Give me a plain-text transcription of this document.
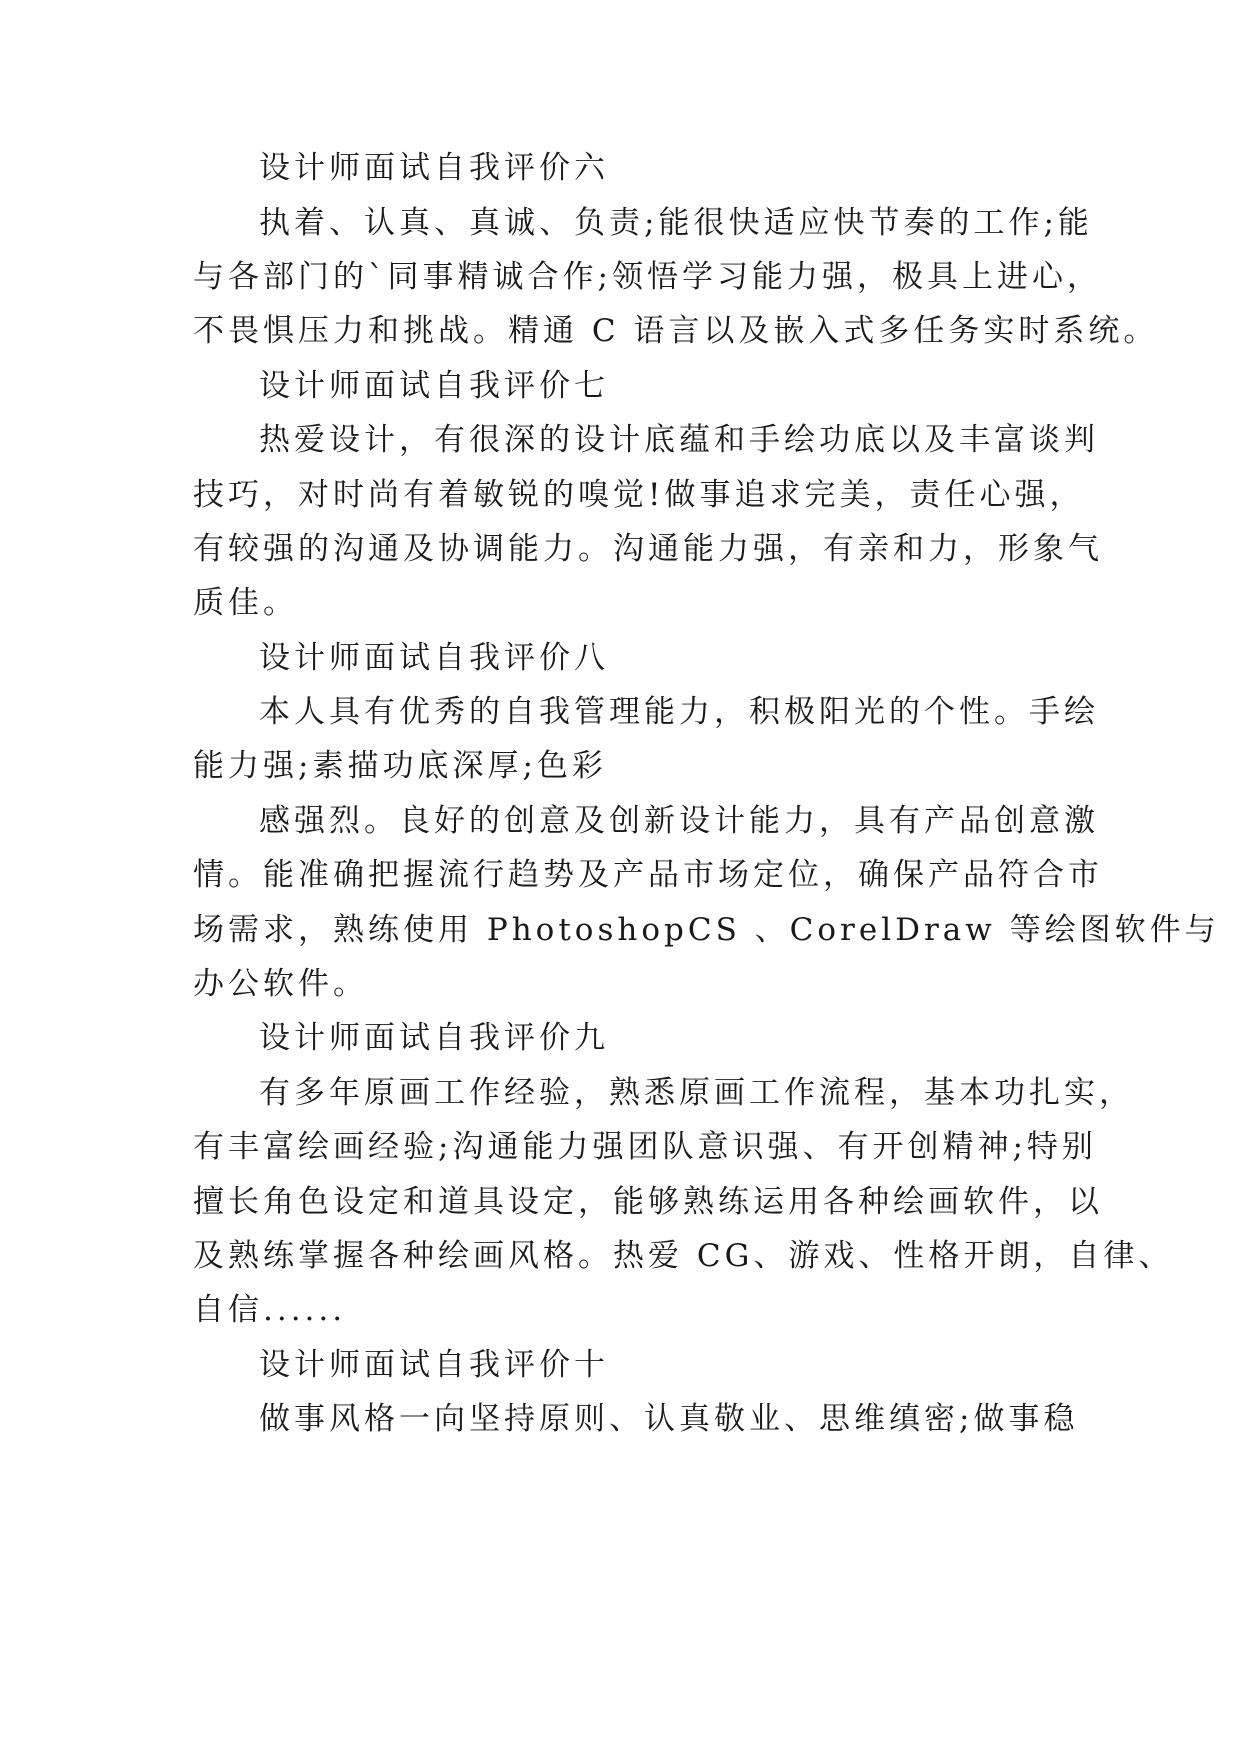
设计师面试自我评价六
执着、认真、真诚、负责;能很快适应快节奏的工作;能
与各部门的`同事精诚合作;领悟学习能力强，极具上进心，
不畏惧压力和挑战。精通 C 语言以及嵌入式多任务实时系统。
设计师面试自我评价七
热爱设计，有很深的设计底蕴和手绘功底以及丰富谈判
技巧，对时尚有着敏锐的嗅觉!做事追求完美，责任心强，
有较强的沟通及协调能力。沟通能力强，有亲和力，形象气
质佳。
设计师面试自我评价八
本人具有优秀的自我管理能力，积极阳光的个性。手绘
能力强;素描功底深厚;色彩
感强烈。良好的创意及创新设计能力，具有产品创意激
情。能准确把握流行趋势及产品市场定位，确保产品符合市
场需求，熟练使用 PhotoshopCS 、CorelDraw 等绘图软件与
办公软件。
设计师面试自我评价九
有多年原画工作经验，熟悉原画工作流程，基本功扎实，
有丰富绘画经验;沟通能力强团队意识强、有开创精神;特别
擅长角色设定和道具设定，能够熟练运用各种绘画软件，以
及熟练掌握各种绘画风格。热爱 CG、游戏、性格开朗，自律、
自信......
设计师面试自我评价十
做事风格一向坚持原则、认真敬业、思维缜密;做事稳
